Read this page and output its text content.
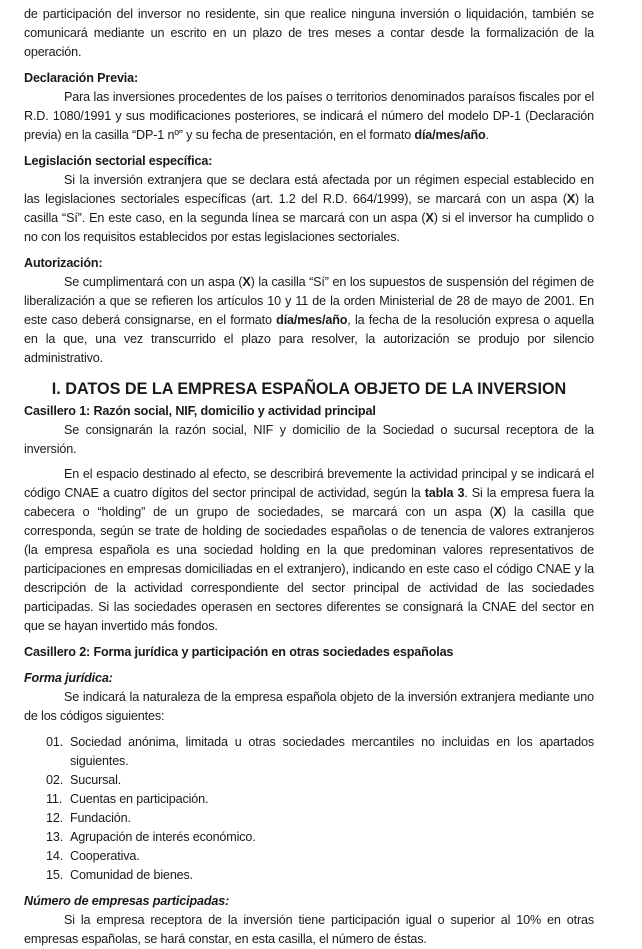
de participación del inversor no residente, sin que realice ninguna inversión o liquidación, también se comunicará mediante un escrito en un plazo de tres meses a contar desde la formalización de la operación.

Declaración Previa:

Para las inversiones procedentes de los países o territorios denominados paraísos fiscales por el R.D. 1080/1991 y sus modificaciones posteriores, se indicará el número del modelo DP-1 (Declaración previa) en la casilla “DP-1 nº” y su fecha de presentación, en el formato día/mes/año.

Legislación sectorial específica:

Si la inversión extranjera que se declara está afectada por un régimen especial establecido en las legislaciones sectoriales específicas (art. 1.2 del R.D. 664/1999), se marcará con un aspa (X) la casilla “Sí”. En este caso, en la segunda línea se marcará con un aspa (X) si el inversor ha cumplido o no con los requisitos establecidos por estas legislaciones sectoriales.

Autorización:

Se cumplimentará con un aspa (X) la casilla “Sí” en los supuestos de suspensión del régimen de liberalización a que se refieren los artículos 10 y 11 de la orden Ministerial de 28 de mayo de 2001. En este caso deberá consignarse, en el formato día/mes/año, la fecha de la resolución expresa o aquella en la que, una vez transcurrido el plazo para resolver, la autorización se produjo por silencio administrativo.

I. DATOS DE LA EMPRESA ESPAÑOLA OBJETO DE LA INVERSION
Casillero 1: Razón social, NIF, domicilio y actividad principal

Se consignarán la razón social, NIF y domicilio de la Sociedad o sucursal receptora de la inversión.

En el espacio destinado al efecto, se describirá brevemente la actividad principal y se indicará el código CNAE a cuatro dígitos del sector principal de actividad, según la tabla 3. Si la empresa fuera la cabecera o “holding” de un grupo de sociedades, se marcará con un aspa (X) la casilla que corresponda, según se trate de holding de sociedades españolas o de tenencia de valores extranjeros (la empresa española es una sociedad holding en la que predominan valores representativos de participaciones en empresas domiciliadas en el extranjero), indicando en este caso el código CNAE y la descripción de la actividad correspondiente del sector principal de actividad de las sociedades participadas. Si las sociedades operasen en sectores diferentes se consignará la CNAE del sector en que se hayan invertido más fondos.

Casillero 2: Forma jurídica y participación en otras sociedades españolas
Forma jurídica:

Se indicará la naturaleza de la empresa española objeto de la inversión extranjera mediante uno de los códigos siguientes:

01. Sociedad anónima, limitada u otras sociedades mercantiles no incluidas en los apartados siguientes.
02. Sucursal.
11. Cuentas en participación.
12. Fundación.
13. Agrupación de interés económico.
14. Cooperativa.
15. Comunidad de bienes.
Número de empresas participadas:

Si la empresa receptora de la inversión tiene participación igual o superior al 10% en otras empresas españolas, se hará constar, en esta casilla, el número de éstas.
